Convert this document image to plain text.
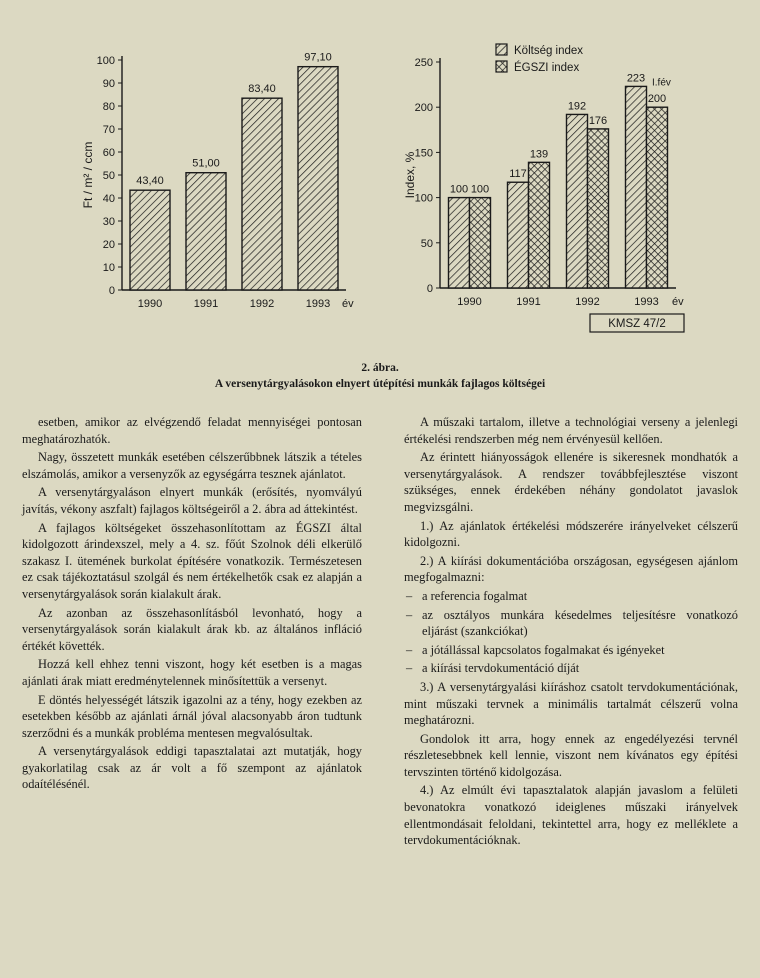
0
10
20
30
40
50
60
70
80
90
100
Ft / m² / ccm	43,40
1990
51,00
1991
83,40
1992
97,10
1993 év
0
50
100
150
200
250
Index, %	100 100
1990
117
139
1991
192
176
1992
223
200
1993 év
I.fév
KMSZ 47/2
Költség index
ÉGSZI index
2. ábra.
A versenytárgyalásokon elnyert útépítési munkák fajlagos költségei

esetben, amikor az elvégzendő feladat mennyiségei pontosan meghatározhatók.

Nagy, összetett munkák esetében célszerűbbnek látszik a tételes elszámolás, amikor a versenyzők az egységárra tesznek ajánlatot.

A versenytárgyaláson elnyert munkák (erősítés, nyomvályú javítás, vékony aszfalt) fajlagos költségeiről a 2. ábra ad áttekintést.

A fajlagos költségeket összehasonlítottam az ÉGSZI által kidolgozott árindexszel, mely a 4. sz. főút Szolnok déli elkerülő szakasz I. ütemének burkolat építésére vonatkozik. Természetesen ez csak tájékoztatásul szolgál és nem értékelhetők csak ez alapján a versenytárgyalások során kialakult árak.

Az azonban az összehasonlításból levonható, hogy a versenytárgyalások során kialakult árak kb. az általános infláció értékét követték.

Hozzá kell ehhez tenni viszont, hogy két esetben is a magas ajánlati árak miatt eredménytelennek minősítettük a versenyt.

E döntés helyességét látszik igazolni az a tény, hogy ezekben az esetekben később az ajánlati árnál jóval alacsonyabb áron tudtunk szerződni és a munkák probléma mentesen megvalósultak.

A versenytárgyalások eddigi tapasztalatai azt mutatják, hogy gyakorlatilag csak az ár volt a fő szempont az ajánlatok odaítélésénél.

A műszaki tartalom, illetve a technológiai verseny a jelenlegi értékelési rendszerben még nem érvényesül kellően.

Az érintett hiányosságok ellenére is sikeresnek mondhatók a versenytárgyalások. A rendszer továbbfejlesztése viszont szükséges, ennek érdekében néhány gondolatot javaslok megvizsgálni.

1.) Az ajánlatok értékelési módszerére irányelveket célszerű kidolgozni.

2.) A kiírási dokumentációba országosan, egységesen ajánlom megfogalmazni:

– a referencia fogalmat

– az osztályos munkára késedelmes teljesítésre vonatkozó eljárást (szankciókat)

– a jótállással kapcsolatos fogalmakat és igényeket

– a kiírási tervdokumentáció díját

3.) A versenytárgyalási kiíráshoz csatolt tervdokumentációnak, mint műszaki tervnek a minimális tartalmát célszerű volna meghatározni.

Gondolok itt arra, hogy ennek az engedélyezési tervnél részletesebbnek kell lennie, viszont nem kívánatos egy építési tervszinten történő kidolgozása.

4.) Az elmúlt évi tapasztalatok alapján javaslom a felületi bevonatokra vonatkozó ideiglenes műszaki irányelvek ellentmondásait feloldani, tekintettel arra, hogy ez melléklete a tervdokumentációknak.
